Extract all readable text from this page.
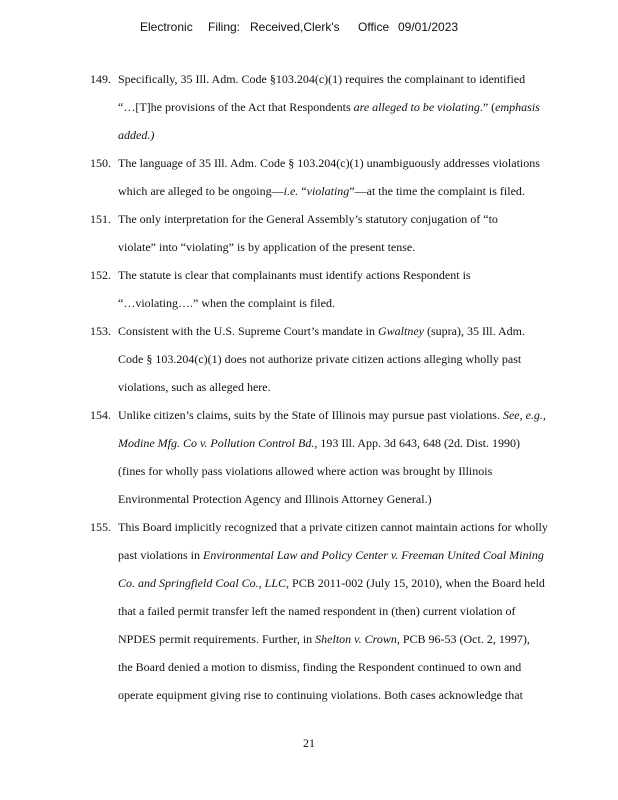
Electronic Filing: Received,Clerk's Office 09/01/2023
149. Specifically, 35 Ill. Adm. Code §103.204(c)(1) requires the complainant to identified
“…[T]he provisions of the Act that Respondents are alleged to be violating.” (emphasis
added.)
150. The language of 35 Ill. Adm. Code § 103.204(c)(1) unambiguously addresses violations
which are alleged to be ongoing—i.e. “violating”—at the time the complaint is filed.
151. The only interpretation for the General Assembly’s statutory conjugation of “to
violate” into “violating” is by application of the present tense.
152. The statute is clear that complainants must identify actions Respondent is
“…violating….” when the complaint is filed.
153. Consistent with the U.S. Supreme Court’s mandate in Gwaltney (supra), 35 Ill. Adm.
Code § 103.204(c)(1) does not authorize private citizen actions alleging wholly past
violations, such as alleged here.
154. Unlike citizen’s claims, suits by the State of Illinois may pursue past violations. See, e.g.,
Modine Mfg. Co v. Pollution Control Bd., 193 Ill. App. 3d 643, 648 (2d. Dist. 1990)
(fines for wholly pass violations allowed where action was brought by Illinois
Environmental Protection Agency and Illinois Attorney General.)
155. This Board implicitly recognized that a private citizen cannot maintain actions for wholly
past violations in Environmental Law and Policy Center v. Freeman United Coal Mining
Co. and Springfield Coal Co., LLC, PCB 2011-002 (July 15, 2010), when the Board held
that a failed permit transfer left the named respondent in (then) current violation of
NPDES permit requirements. Further, in Shelton v. Crown, PCB 96-53 (Oct. 2, 1997),
the Board denied a motion to dismiss, finding the Respondent continued to own and
operate equipment giving rise to continuing violations. Both cases acknowledge that
21
